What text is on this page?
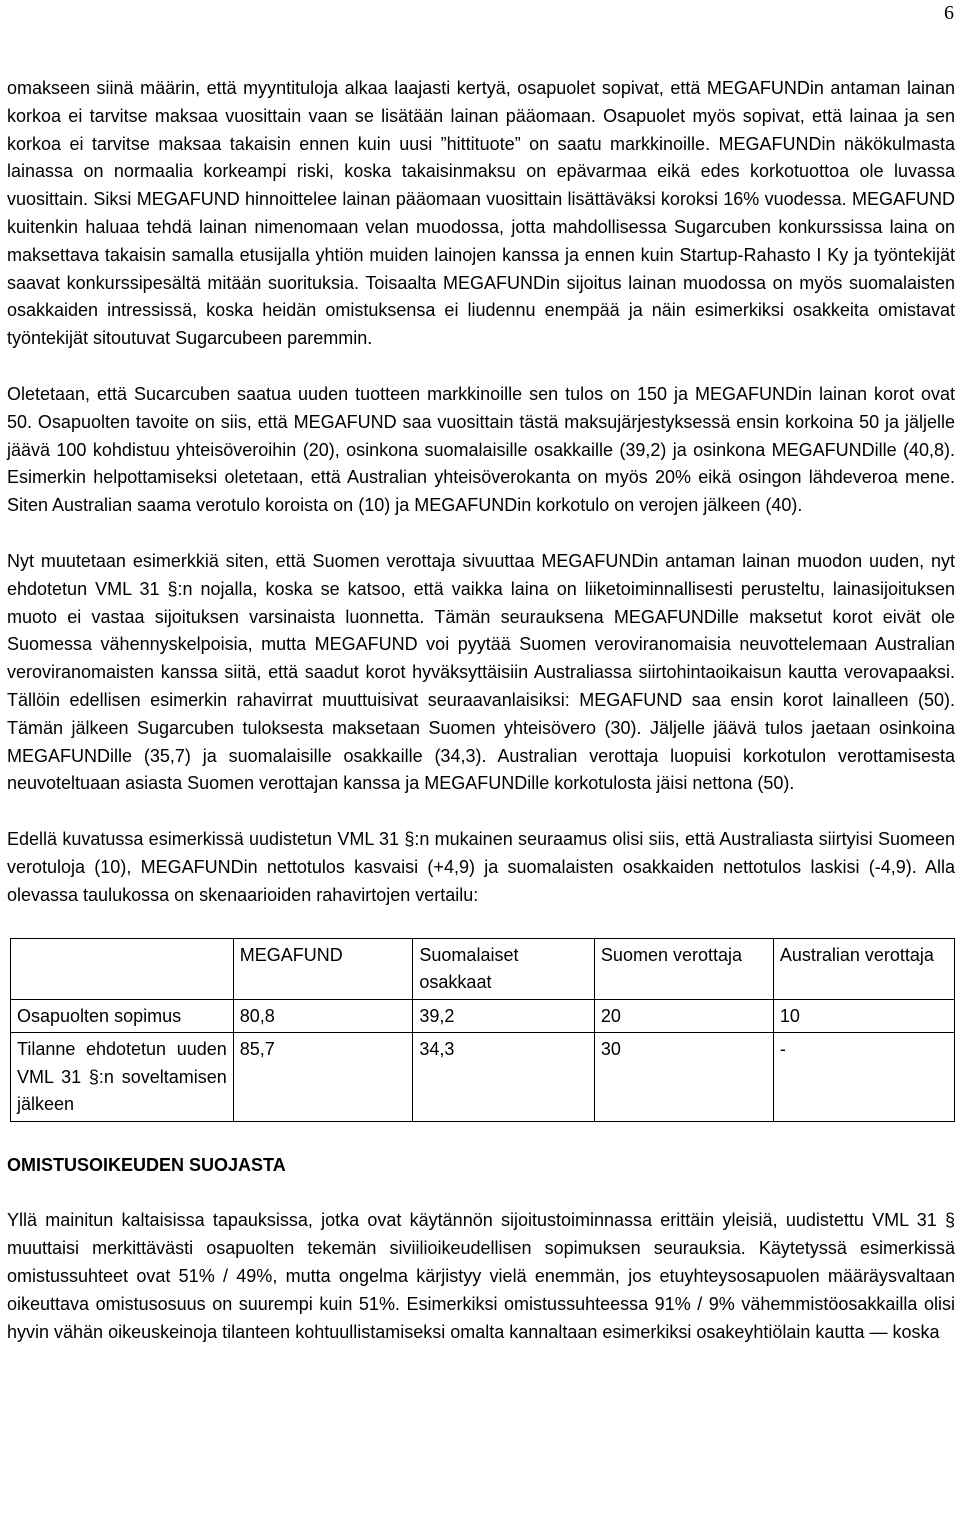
6

omakseen siinä määrin, että myyntituloja alkaa laajasti kertyä, osapuolet sopivat, että MEGAFUNDin antaman lainan korkoa ei tarvitse maksaa vuosittain vaan se lisätään lainan pääomaan. Osapuolet myös sopivat, että lainaa ja sen korkoa ei tarvitse maksaa takaisin ennen kuin uusi ”hittituote” on saatu markkinoille. MEGAFUNDin näkökulmasta lainassa on normaalia korkeampi riski, koska takaisinmaksu on epävarmaa eikä edes korkotuottoa ole luvassa vuosittain. Siksi MEGAFUND hinnoittelee lainan pääomaan vuosittain lisättäväksi koroksi 16% vuodessa. MEGAFUND kuitenkin haluaa tehdä lainan nimenomaan velan muodossa, jotta mahdollisessa Sugarcuben konkurssissa laina on maksettava takaisin samalla etusijalla yhtiön muiden lainojen kanssa ja ennen kuin Startup-Rahasto I Ky ja työntekijät saavat konkurssipesältä mitään suorituksia. Toisaalta MEGAFUNDin sijoitus lainan muodossa on myös suomalaisten osakkaiden intressissä, koska heidän omistuksensa ei liudennu enempää ja näin esimerkiksi osakkeita omistavat työntekijät sitoutuvat Sugarcubeen paremmin.

Oletetaan, että Sucarcuben saatua uuden tuotteen markkinoille sen tulos on 150 ja MEGAFUNDin lainan korot ovat 50. Osapuolten tavoite on siis, että MEGAFUND saa vuosittain tästä maksujärjestyksessä ensin korkoina 50 ja jäljelle jäävä 100 kohdistuu yhteisöveroihin (20), osinkona suomalaisille osakkaille (39,2) ja osinkona MEGAFUNDille (40,8). Esimerkin helpottamiseksi oletetaan, että Australian yhteisöverokanta on myös 20% eikä osingon lähdeveroa mene. Siten Australian saama verotulo koroista on (10) ja MEGAFUNDin korkotulo on verojen jälkeen (40).

Nyt muutetaan esimerkkiä siten, että Suomen verottaja sivuuttaa MEGAFUNDin antaman lainan muodon uuden, nyt ehdotetun VML 31 §:n nojalla, koska se katsoo, että vaikka laina on liiketoiminnallisesti perusteltu, lainasijoituksen muoto ei vastaa sijoituksen varsinaista luonnetta. Tämän seurauksena MEGAFUNDille maksetut korot eivät ole Suomessa vähennyskelpoisia, mutta MEGAFUND voi pyytää Suomen veroviranomaisia neuvottelemaan Australian veroviranomaisten kanssa siitä, että saadut korot hyväksyttäisiin Australiassa siirtohintaoikaisun kautta verovapaaksi. Tällöin edellisen esimerkin rahavirrat muuttuisivat seuraavanlaisiksi: MEGAFUND saa ensin korot lainalleen (50). Tämän jälkeen Sugarcuben tuloksesta maksetaan Suomen yhteisövero (30). Jäljelle jäävä tulos jaetaan osinkoina MEGAFUNDille (35,7) ja suomalaisille osakkaille (34,3). Australian verottaja luopuisi korkotulon verottamisesta neuvoteltuaan asiasta Suomen verottajan kanssa ja MEGAFUNDille korkotulosta jäisi nettona (50).

Edellä kuvatussa esimerkissä uudistetun VML 31 §:n mukainen seuraamus olisi siis, että Australiasta siirtyisi Suomeen verotuloja (10), MEGAFUNDin nettotulos kasvaisi (+4,9) ja suomalaisten osakkaiden nettotulos laskisi (-4,9). Alla olevassa taulukossa on skenaarioiden rahavirtojen vertailu:

	MEGAFUND	Suomalaiset osakkaat	Suomen verottaja	Australian verottaja
Osapuolten sopimus	80,8	39,2	20	10
Tilanne ehdotetun uuden VML 31 §:n soveltamisen jälkeen	85,7	34,3	30	-
OMISTUSOIKEUDEN SUOJASTA

Yllä mainitun kaltaisissa tapauksissa, jotka ovat käytännön sijoitustoiminnassa erittäin yleisiä, uudistettu VML 31 § muuttaisi merkittävästi osapuolten tekemän siviilioikeudellisen sopimuksen seurauksia. Käytetyssä esimerkissä omistussuhteet ovat 51% / 49%, mutta ongelma kärjistyy vielä enemmän, jos etuyhteysosapuolen määräysvaltaan oikeuttava omistusosuus on suurempi kuin 51%. Esimerkiksi omistussuhteessa 91% / 9% vähemmistöosakkailla olisi hyvin vähän oikeuskeinoja tilanteen kohtuullistamiseksi omalta kannaltaan esimerkiksi osakeyhtiölain kautta — koska
